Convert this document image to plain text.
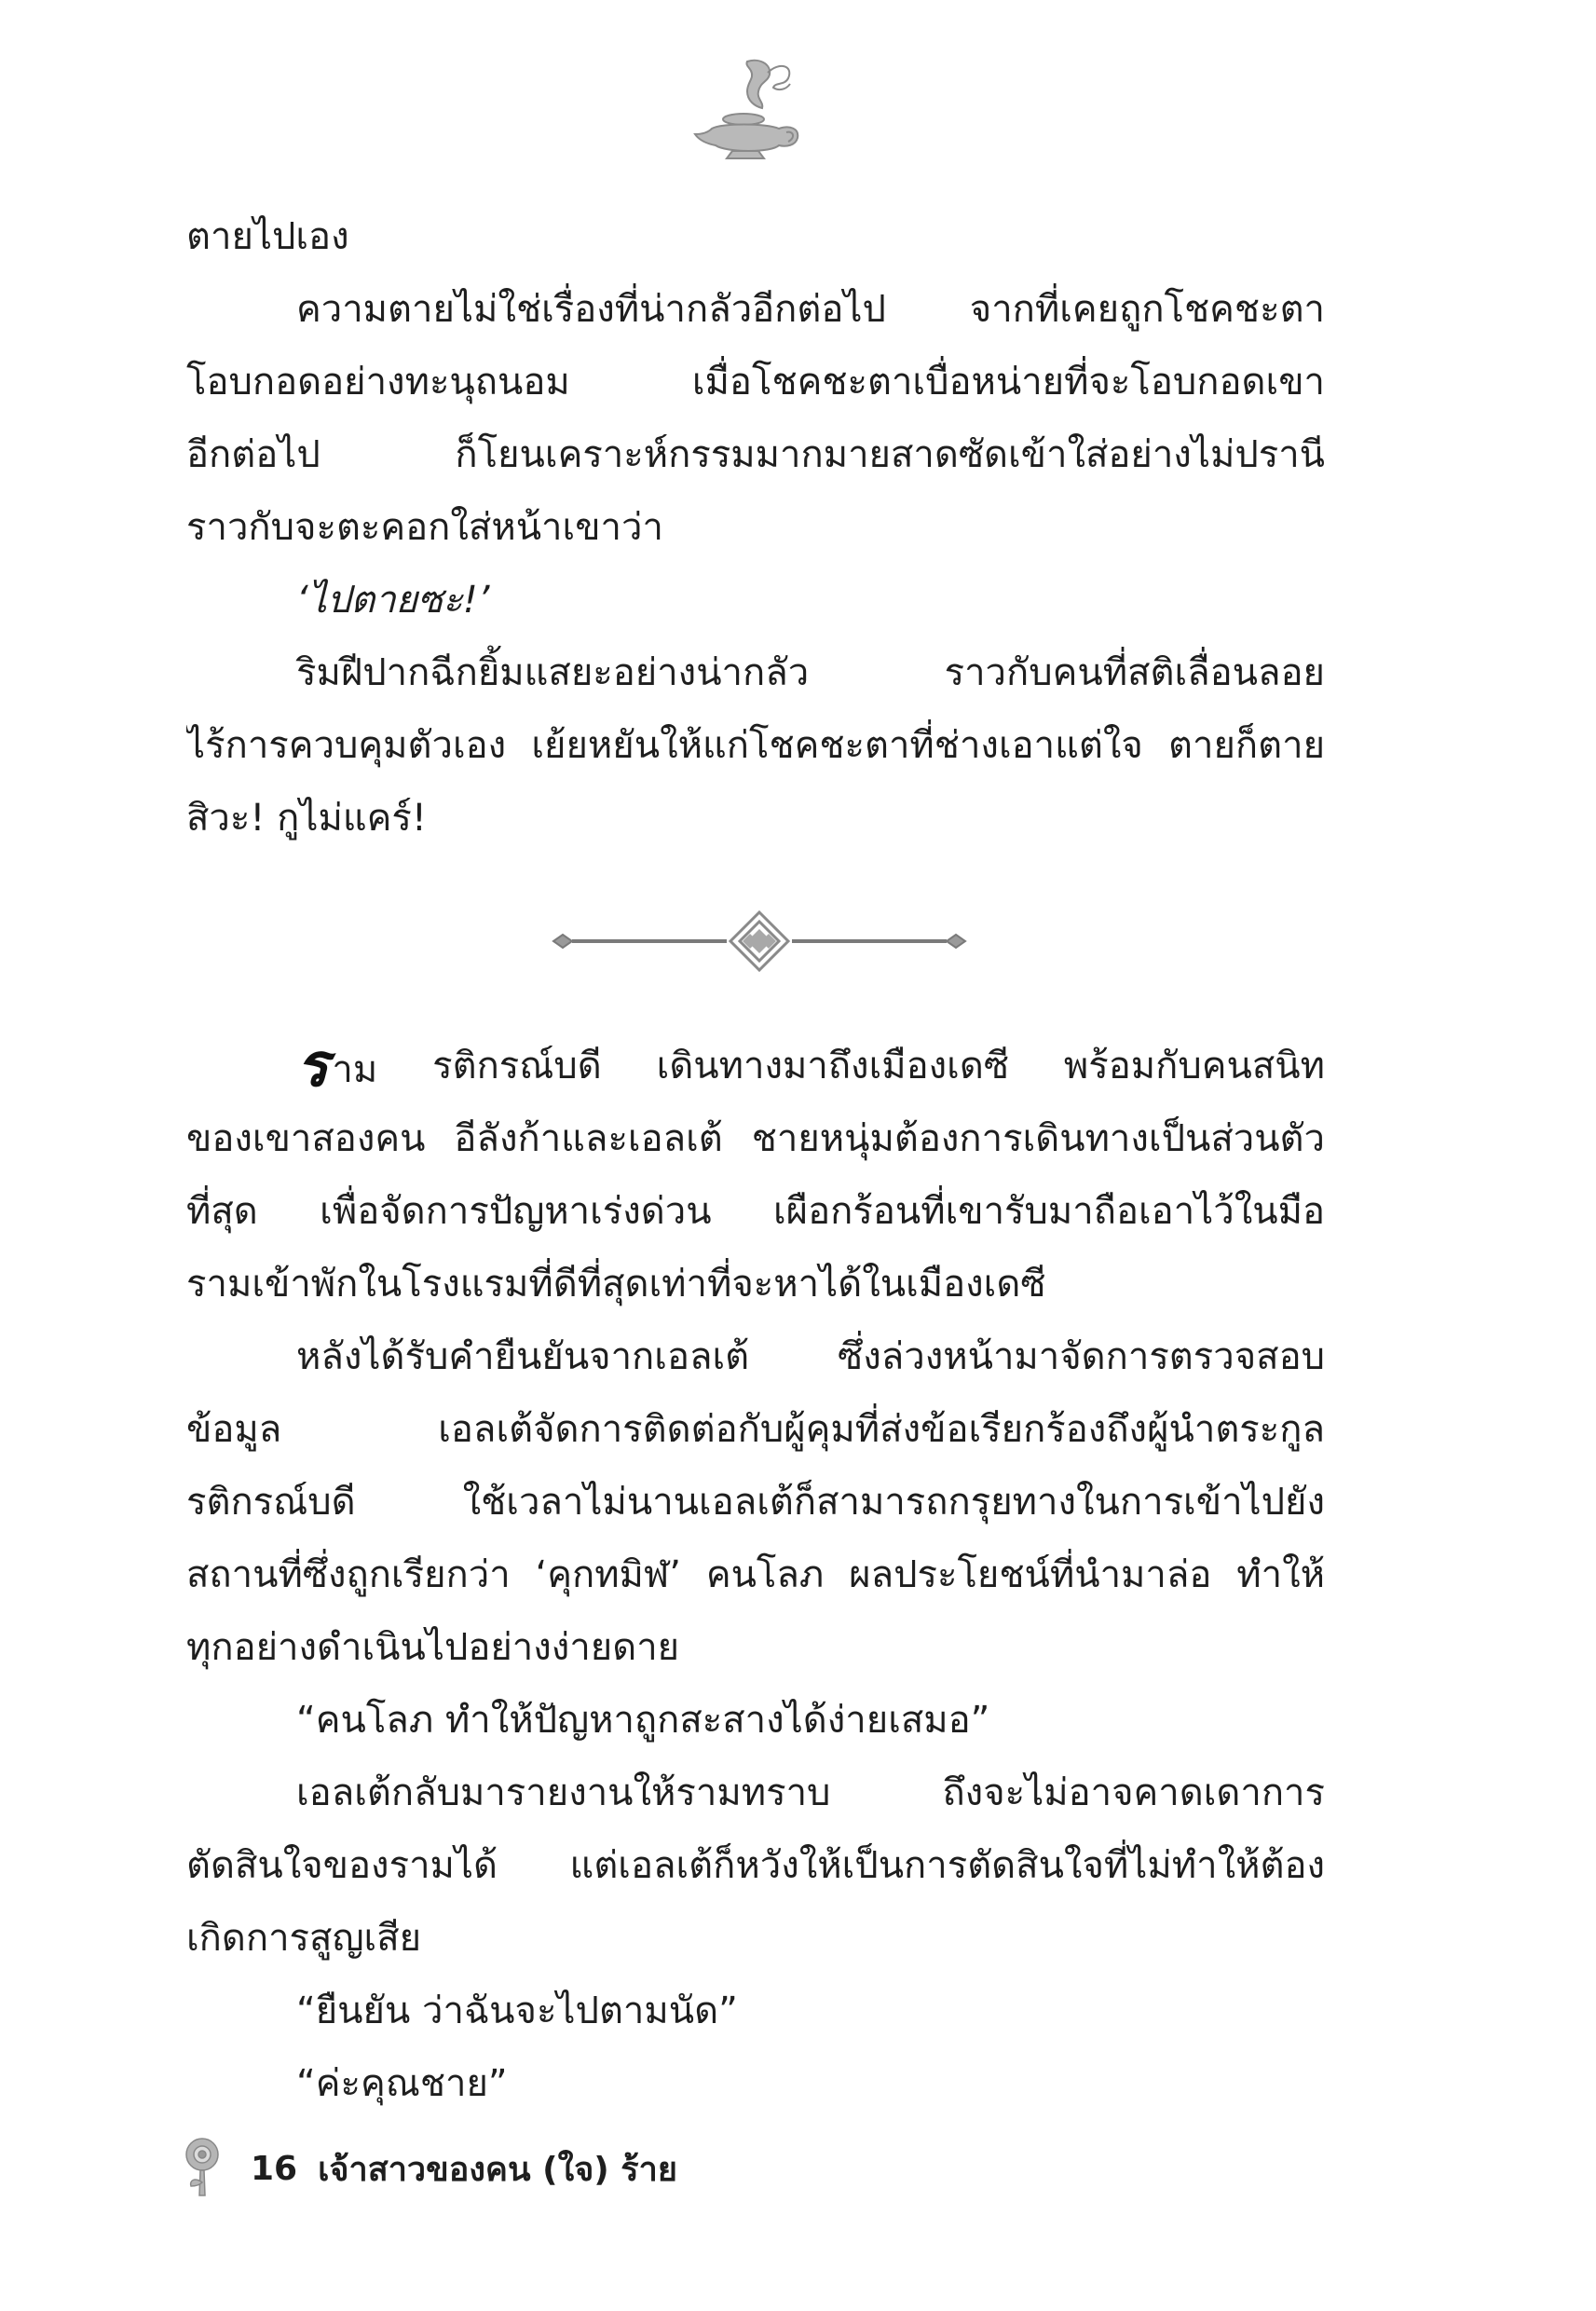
ตายไปเอง
ความตายไม่ใช่เรื่องที่น่ากลัวอีกต่อไป จากที่เคยถูกโชคชะตา
โอบกอดอย่างทะนุถนอม	เมื่อโชคชะตาเบื่อหน่ายที่จะโอบกอดเขา
อีกต่อไป	ก็โยนเคราะห์กรรมมากมายสาดซัดเข้าใส่อย่างไม่ปรานี
ราวกับจะตะคอกใส่หน้าเขาว่า
‘ไปตายซะ!’
ริมฝีปากฉีกยิ้มแสยะอย่างน่ากลัว	ราวกับคนที่สติเลื่อนลอย
ไร้การควบคุมตัวเอง เย้ยหยันให้แก่โชคชะตาที่ช่างเอาแต่ใจ ตายก็ตาย
สิวะ! กูไม่แคร์!
ร าม รติกรณ์บดี เดินทางมาถึงเมืองเดซี พร้อมกับคนสนิท
ของเขาสองคน อีลังก้าและเอลเต้ ชายหนุ่มต้องการเดินทางเป็นส่วนตัว
ที่สุด เพื่อจัดการปัญหาเร่งด่วน เผือกร้อนที่เขารับมาถือเอาไว้ในมือ
รามเข้าพักในโรงแรมที่ดีที่สุดเท่าที่จะหาได้ในเมืองเดซี
หลังได้รับคำยืนยันจากเอลเต้ ซึ่งล่วงหน้ามาจัดการตรวจสอบ
ข้อมูล	เอลเต้จัดการติดต่อกับผู้คุมที่ส่งข้อเรียกร้องถึงผู้นำตระกูล
รติกรณ์บดี	ใช้เวลาไม่นานเอลเต้ก็สามารถกรุยทางในการเข้าไปยัง
สถานที่ซึ่งถูกเรียกว่า ‘คุกทมิฬ’ คนโลภ ผลประโยชน์ที่นำมาล่อ ทำให้
ทุกอย่างดำเนินไปอย่างง่ายดาย
“คนโลภ ทำให้ปัญหาถูกสะสางได้ง่ายเสมอ”
เอลเต้กลับมารายงานให้รามทราบ	ถึงจะไม่อาจคาดเดาการ
ตัดสินใจของรามได้ แต่เอลเต้ก็หวังให้เป็นการตัดสินใจที่ไม่ทำให้ต้อง
เกิดการสูญเสีย
“ยืนยัน ว่าฉันจะไปตามนัด”
“ค่ะคุณชาย”
16 เจ้าสาวของคน (ใจ) ร้าย
